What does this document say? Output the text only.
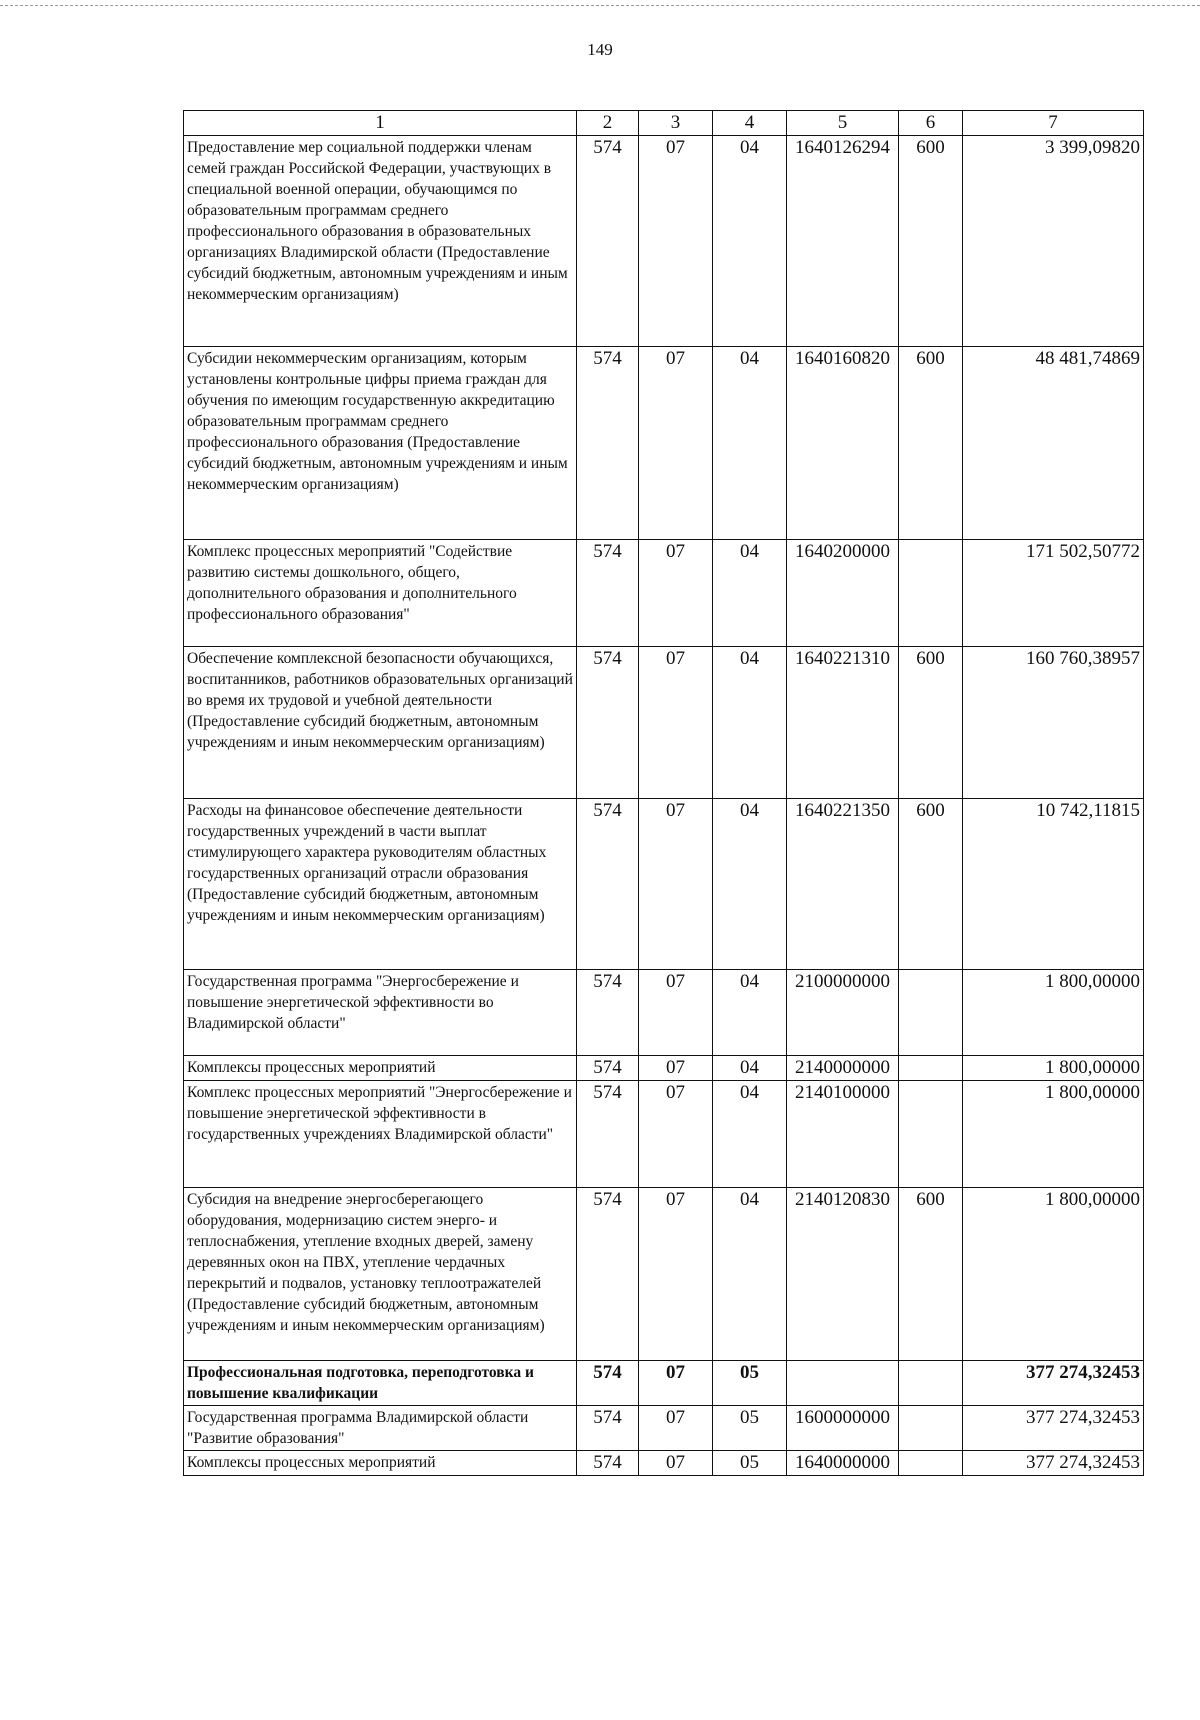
149
1	2	3	4	5	6	7
Предоставление мер социальной поддержки членам семей граждан Российской Федерации, участвующих в специальной военной операции, обучающимся по образовательным программам среднего профессионального образования в образовательных организациях Владимирской области (Предоставление субсидий бюджетным, автономным учреждениям и иным некоммерческим организациям)	574	07	04	1640126294	600	3 399,09820
Субсидии некоммерческим организациям, которым установлены контрольные цифры приема граждан для обучения по имеющим государственную аккредитацию образовательным программам среднего профессионального образования (Предоставление субсидий бюджетным, автономным учреждениям и иным некоммерческим организациям)	574	07	04	1640160820	600	48 481,74869
Комплекс процессных мероприятий "Содействие развитию системы дошкольного, общего, дополнительного образования и дополнительного профессионального образования"	574	07	04	1640200000		171 502,50772
Обеспечение комплексной безопасности обучающихся, воспитанников, работников образовательных организаций во время их трудовой и учебной деятельности (Предоставление субсидий бюджетным, автономным учреждениям и иным некоммерческим организациям)	574	07	04	1640221310	600	160 760,38957
Расходы на финансовое обеспечение деятельности государственных учреждений в части выплат стимулирующего характера руководителям областных государственных организаций отрасли образования (Предоставление субсидий бюджетным, автономным учреждениям и иным некоммерческим организациям)	574	07	04	1640221350	600	10 742,11815
Государственная программа "Энергосбережение и повышение энергетической эффективности во Владимирской области"	574	07	04	2100000000		1 800,00000
Комплексы процессных мероприятий	574	07	04	2140000000		1 800,00000
Комплекс процессных мероприятий "Энергосбережение и повышение энергетической эффективности в государственных учреждениях Владимирской области"	574	07	04	2140100000		1 800,00000
Субсидия на внедрение энергосберегающего оборудования, модернизацию систем энерго- и теплоснабжения, утепление входных дверей, замену деревянных окон на ПВХ, утепление чердачных перекрытий и подвалов, установку теплоотражателей (Предоставление субсидий бюджетным, автономным учреждениям и иным некоммерческим организациям)	574	07	04	2140120830	600	1 800,00000
Профессиональная подготовка, переподготовка и повышение квалификации	574	07	05			377 274,32453
Государственная программа Владимирской области "Развитие образования"	574	07	05	1600000000		377 274,32453
Комплексы процессных мероприятий	574	07	05	1640000000		377 274,32453
